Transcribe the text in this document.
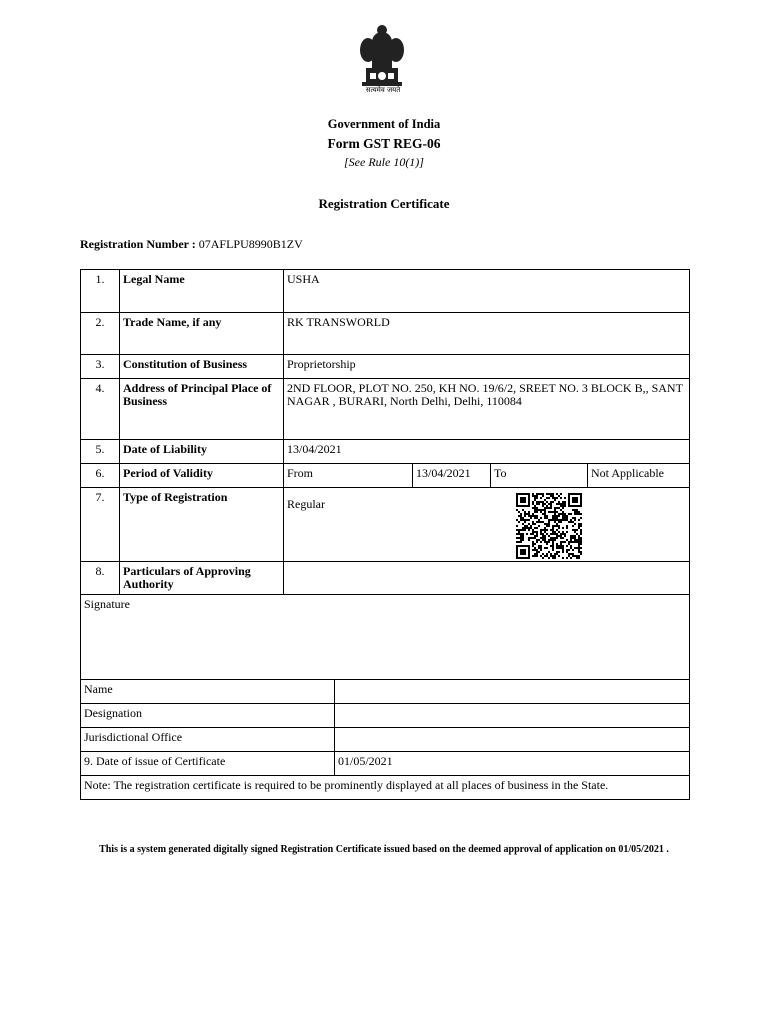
सत्यमेव जयते
Government of India
Form GST REG-06
[See Rule 10(1)]
Registration Certificate
Registration Number : 07AFLPU8990B1ZV
1.	Legal Name	USHA				
2.	Trade Name, if any	RK TRANSWORLD				
3.	Constitution of Business	Proprietorship				
4.	Address of Principal Place of Business	2ND FLOOR, PLOT NO. 250, KH NO. 19/6/2, SREET NO. 3 BLOCK B,, SANT NAGAR , BURARI, North Delhi, Delhi, 110084				
5.	Date of Liability	13/04/2021				
6.	Period of Validity	From		13/04/2021	To	Not Applicable
7.	Type of Registration	Regular				

8.	Particulars of Approving Authority					
Signature						
Name						
Designation						
Jurisdictional Office						
9. Date of issue of Certificate			01/05/2021			
Note: The registration certificate is required to be prominently displayed at all places of business in the State.						
This is a system generated digitally signed Registration Certificate issued based on the deemed approval of application on 01/05/2021 .
